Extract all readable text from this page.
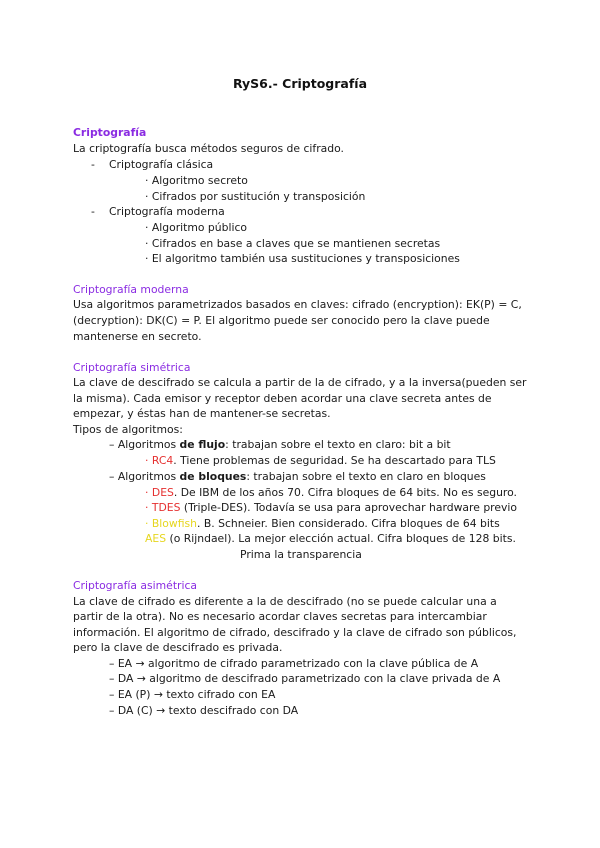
RyS6.- Criptografía
Criptografía
La criptografía busca métodos seguros de cifrado.
- Criptografía clásica
· Algoritmo secreto
· Cifrados por sustitución y transposición
- Criptografía moderna
· Algoritmo público
· Cifrados en base a claves que se mantienen secretas
· El algoritmo también usa sustituciones y transposiciones
Criptografía moderna
Usa algoritmos parametrizados basados en claves: cifrado (encryption): EK(P) = C,
(decryption): DK(C) = P. El algoritmo puede ser conocido pero la clave puede
mantenerse en secreto.
Criptografía simétrica
La clave de descifrado se calcula a partir de la de cifrado, y a la inversa(pueden ser
la misma). Cada emisor y receptor deben acordar una clave secreta antes de
empezar, y éstas han de mantener-se secretas.
Tipos de algoritmos:
– Algoritmos de flujo: trabajan sobre el texto en claro: bit a bit
· RC4. Tiene problemas de seguridad. Se ha descartado para TLS
– Algoritmos de bloques: trabajan sobre el texto en claro en bloques
· DES. De IBM de los años 70. Cifra bloques de 64 bits. No es seguro.
· TDES (Triple-DES). Todavía se usa para aprovechar hardware previo
· Blowfish. B. Schneier. Bien considerado. Cifra bloques de 64 bits
AES (o Rijndael). La mejor elección actual. Cifra bloques de 128 bits.
Prima la transparencia
Criptografía asimétrica
La clave de cifrado es diferente a la de descifrado (no se puede calcular una a
partir de la otra). No es necesario acordar claves secretas para intercambiar
información. El algoritmo de cifrado, descifrado y la clave de cifrado son públicos,
pero la clave de descifrado es privada.
– EA → algoritmo de cifrado parametrizado con la clave pública de A
– DA → algoritmo de descifrado parametrizado con la clave privada de A
– EA (P) → texto cifrado con EA
– DA (C) → texto descifrado con DA
